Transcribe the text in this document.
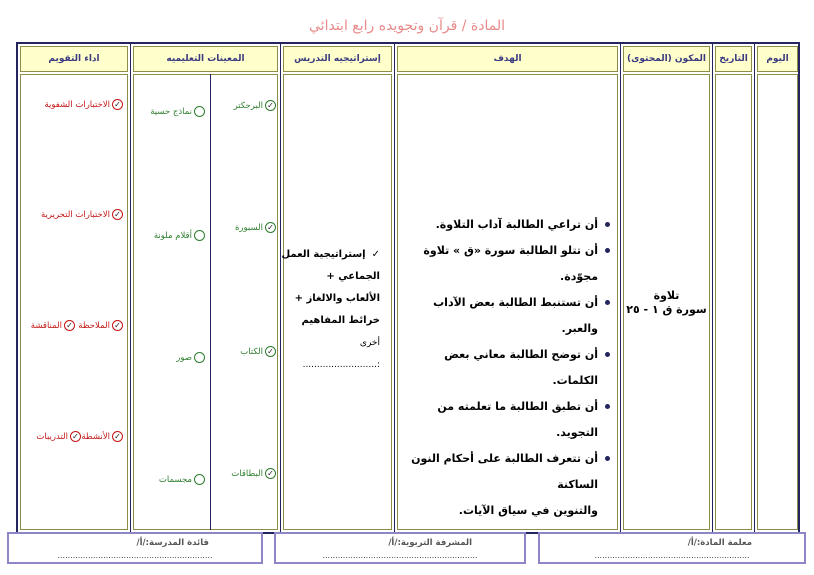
المادة / قرآن وتجويده رابع ابتدائي
اداء التقويم
✓
الاختبارات الشفوية
✓
الاختبارات التحريرية
✓
الملاحظة
✓
المناقشة
✓
الأنشطة
✓
التدريبات
المعينات التعليميه
✓
البرجكتر
✓
السبورة
✓
الكتاب
✓
البطاقات
نماذج حسية
أقلام ملونة
صور
مجسمات
إستراتيجيه التدريس
✓إستراتيجية العمل
الجماعي +
الألعاب والالغاز +
خرائط المفاهيم
أخرى :..........................
الهدف
أن تراعي الطالبة آداب التلاوة.
أن تتلو الطالبة سورة «ق » تلاوة مجوّدة.
أن تستنبط الطالبة بعض الآداب والعبر.
أن توضح الطالبة معاني بعض الكلمات.
أن تطبق الطالبة ما تعلمته من التجويد.
أن تتعرف الطالبة على أحكام النون الساكنة
والتنوين في سياق الآيات.
المكون (المحتوى)
تلاوة
سورة ق ١ - ٢٥
التاريخ	اليوم
معلمة المادة:/أ/
.............................................................
المشرفة التربوية:/أ/
.............................................................
قائدة المدرسة:/أ/
.............................................................
